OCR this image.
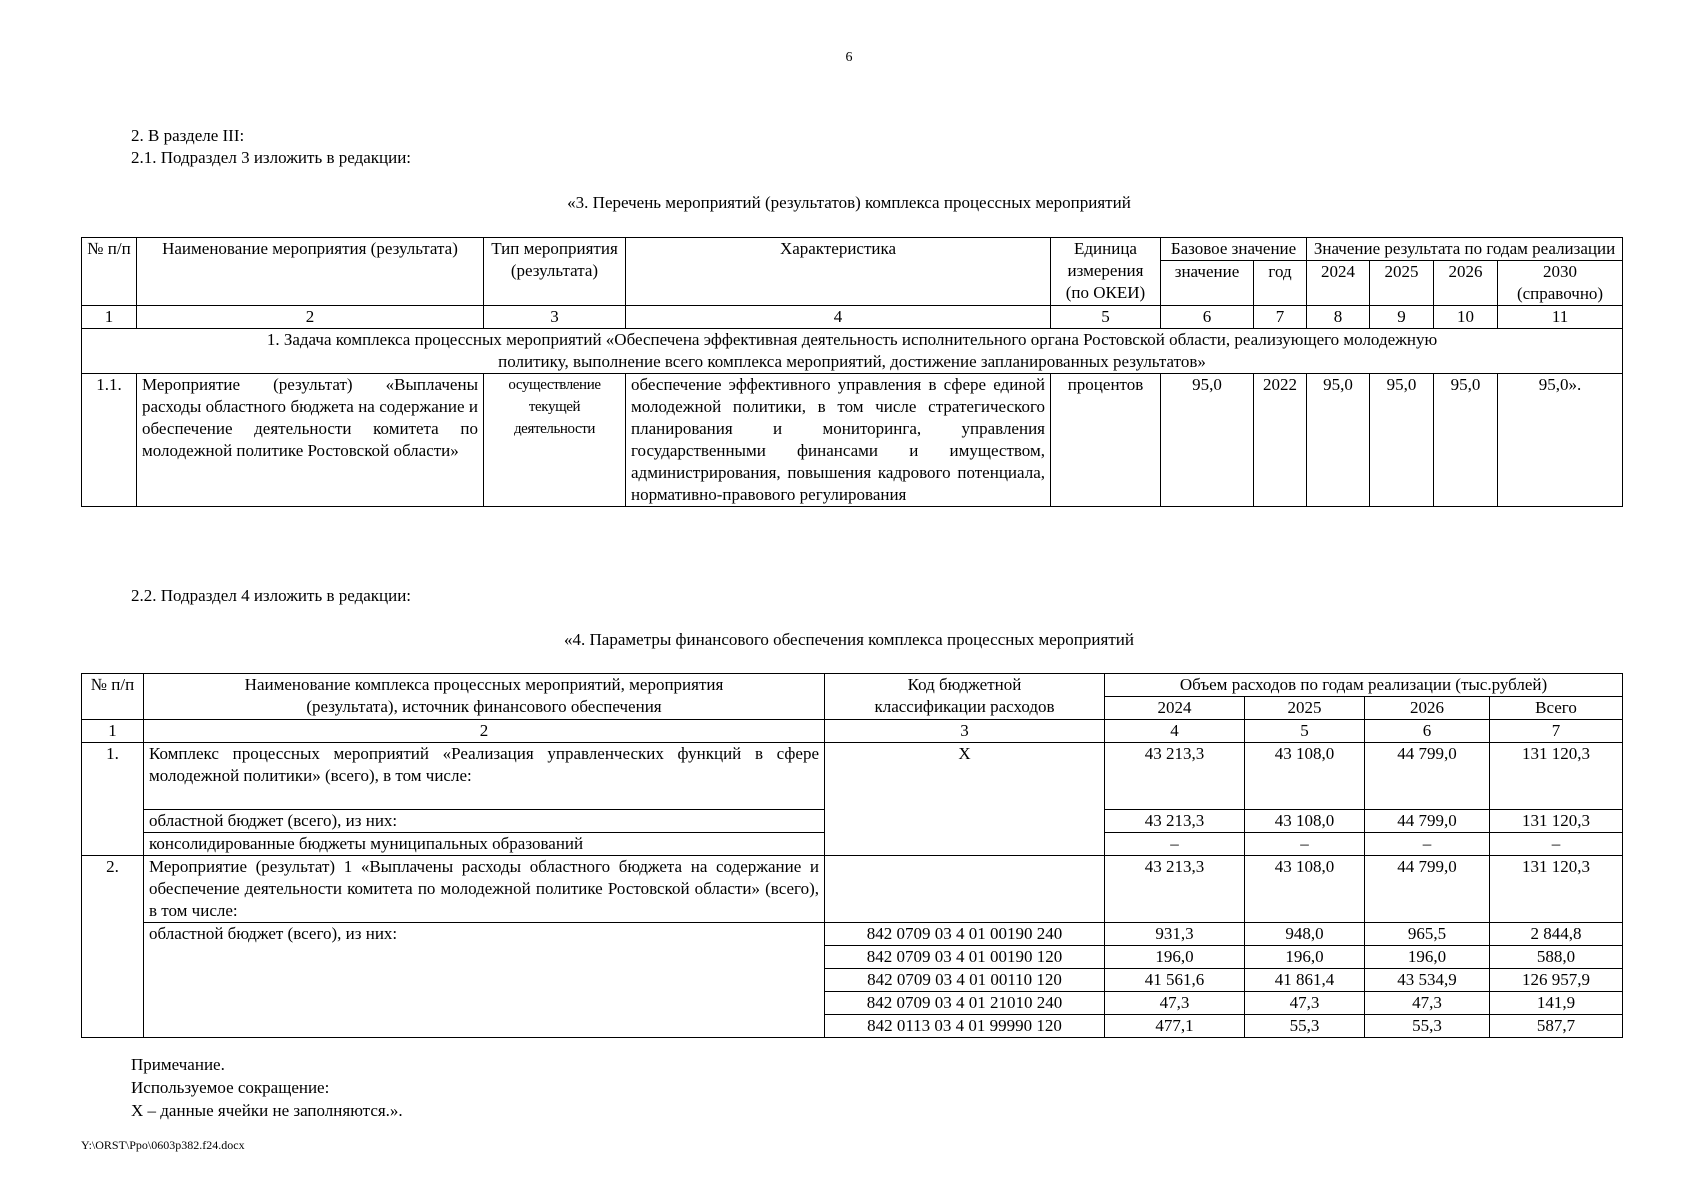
6
2. В разделе III:
2.1. Подраздел 3 изложить в редакции:
«3. Перечень мероприятий (результатов) комплекса процессных мероприятий
№ п/п	Наименование мероприятия (результата)	Тип мероприятия (результата)	Характеристика	Единица измерения (по ОКЕИ)	Базовое значение		Значение результата по годам реализации			
					значение	год	2024	2025	2026	2030 (справочно)
1	2	3	4	5	6	7	8	9	10	11
1. Задача комплекса процессных мероприятий «Обеспечена эффективная деятельность исполнительного органа Ростовской области, реализующего молодежную политику, выполнение всего комплекса мероприятий, достижение запланированных результатов»										
1.1.	Мероприятие (результат) «Выплачены расходы областного бюджета на содержание и обеспечение деятельности комитета по молодежной политике Ростовской области»	осуществление текущей деятельности	обеспечение эффективного управления в сфере единой молодежной политики, в том числе стратегического планирования и мониторинга, управления государственными финансами и имуществом, администрирования, повышения кадрового потенциала, нормативно-правового регулирования	процентов	95,0	2022	95,0	95,0	95,0	95,0».
2.2. Подраздел 4 изложить в редакции:
«4. Параметры финансового обеспечения комплекса процессных мероприятий
№ п/п	Наименование комплекса процессных мероприятий, мероприятия (результата), источник финансового обеспечения	Код бюджетной классификации расходов	Объем расходов по годам реализации (тыс.рублей)			
			2024	2025	2026	Всего
1	2	3	4	5	6	7
1.	Комплекс процессных мероприятий «Реализация управленческих функций в сфере молодежной политики» (всего), в том числе:	Х	43 213,3	43 108,0	44 799,0	131 120,3
	областной бюджет (всего), из них:		43 213,3	43 108,0	44 799,0	131 120,3
	консолидированные бюджеты муниципальных образований		–	–	–	–
2.	Мероприятие (результат) 1 «Выплачены расходы областного бюджета на содержание и обеспечение деятельности комитета по молодежной политике Ростовской области» (всего), в том числе:		43 213,3	43 108,0	44 799,0	131 120,3
	областной бюджет (всего), из них:	842 0709 03 4 01 00190 240	931,3	948,0	965,5	2 844,8
		842 0709 03 4 01 00190 120	196,0	196,0	196,0	588,0
		842 0709 03 4 01 00110 120	41 561,6	41 861,4	43 534,9	126 957,9
		842 0709 03 4 01 21010 240	47,3	47,3	47,3	141,9
		842 0113 03 4 01 99990 120	477,1	55,3	55,3	587,7
Примечание.
Используемое сокращение:
Х – данные ячейки не заполняются.».
Y:\ORST\Ppo\0603p382.f24.docx
